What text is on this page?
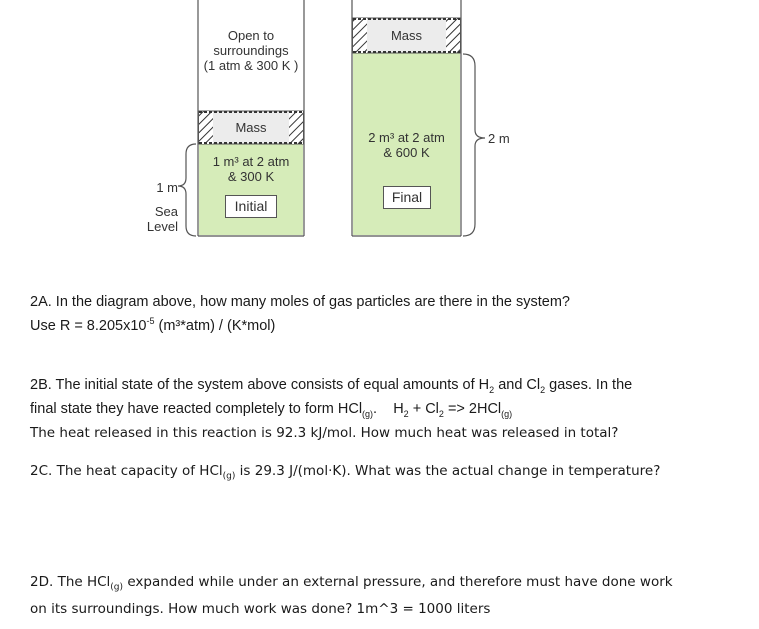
Open to
surroundings
(1 atm & 300 K )
Mass
1 m³ at 2 atm
& 300 K
Initial
Mass
2 m³ at 2 atm
& 600 K
Final
1 m
Sea
Level
2 m
2A. In the diagram above, how many moles of gas particles are there in the system?
Use $R = 8.205x10^{-5}$ (m³*atm) / (K*mol)
2B. The initial state of the system above consists of equal amounts of $H_2$ and $Cl_2$ gases. In the
final state they have reacted completely to form HCl$_{(g)}$.    $H_2 + Cl_2 => 2HCl_{(g)}$
The heat released in this reaction is 92.3 kJ/mol. How much heat was released in total?
2C. The heat capacity of HCl$_{(g)}$ is 29.3 J/(mol·K). What was the actual change in temperature?
2D. The HCl$_{(g)}$ expanded while under an external pressure, and therefore must have done work
on its surroundings. How much work was done? 1m^3 = 1000 liters
